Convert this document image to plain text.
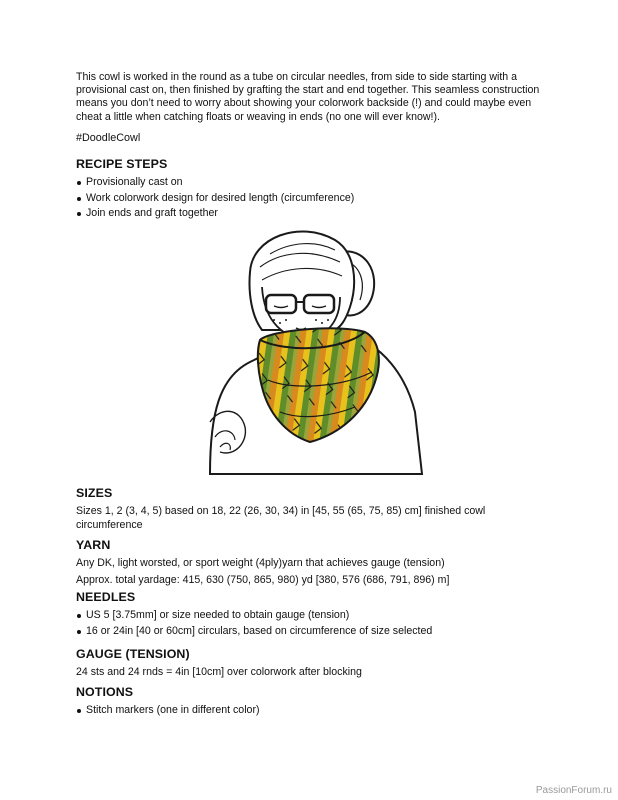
This cowl is worked in the round as a tube on circular needles, from side to side starting with a provisional cast on, then finished by grafting the start and end together. This seamless construction means you don’t need to worry about showing your colorwork backside (!) and could maybe even cheat a little when catching floats or weaving in ends (no one will ever know!).

#DoodleCowl

RECIPE STEPS
Provisionally cast on
Work colorwork design for desired length (circumference)
Join ends and graft together
SIZES

Sizes 1, 2 (3, 4, 5) based on 18, 22 (26, 30, 34) in [45, 55 (65, 75, 85) cm] finished cowl circumference

YARN

Any DK, light worsted, or sport weight (4ply)yarn that achieves gauge (tension)

Approx. total yardage: 415, 630 (750, 865, 980) yd [380, 576 (686, 791, 896) m]

NEEDLES
US 5 [3.75mm] or size needed to obtain gauge (tension)
16 or 24in [40 or 60cm] circulars, based on circumference of size selected
GAUGE (TENSION)

24 sts and 24 rnds = 4in [10cm] over colorwork after blocking

NOTIONS
Stitch markers (one in different color)
PassionForum.ru
